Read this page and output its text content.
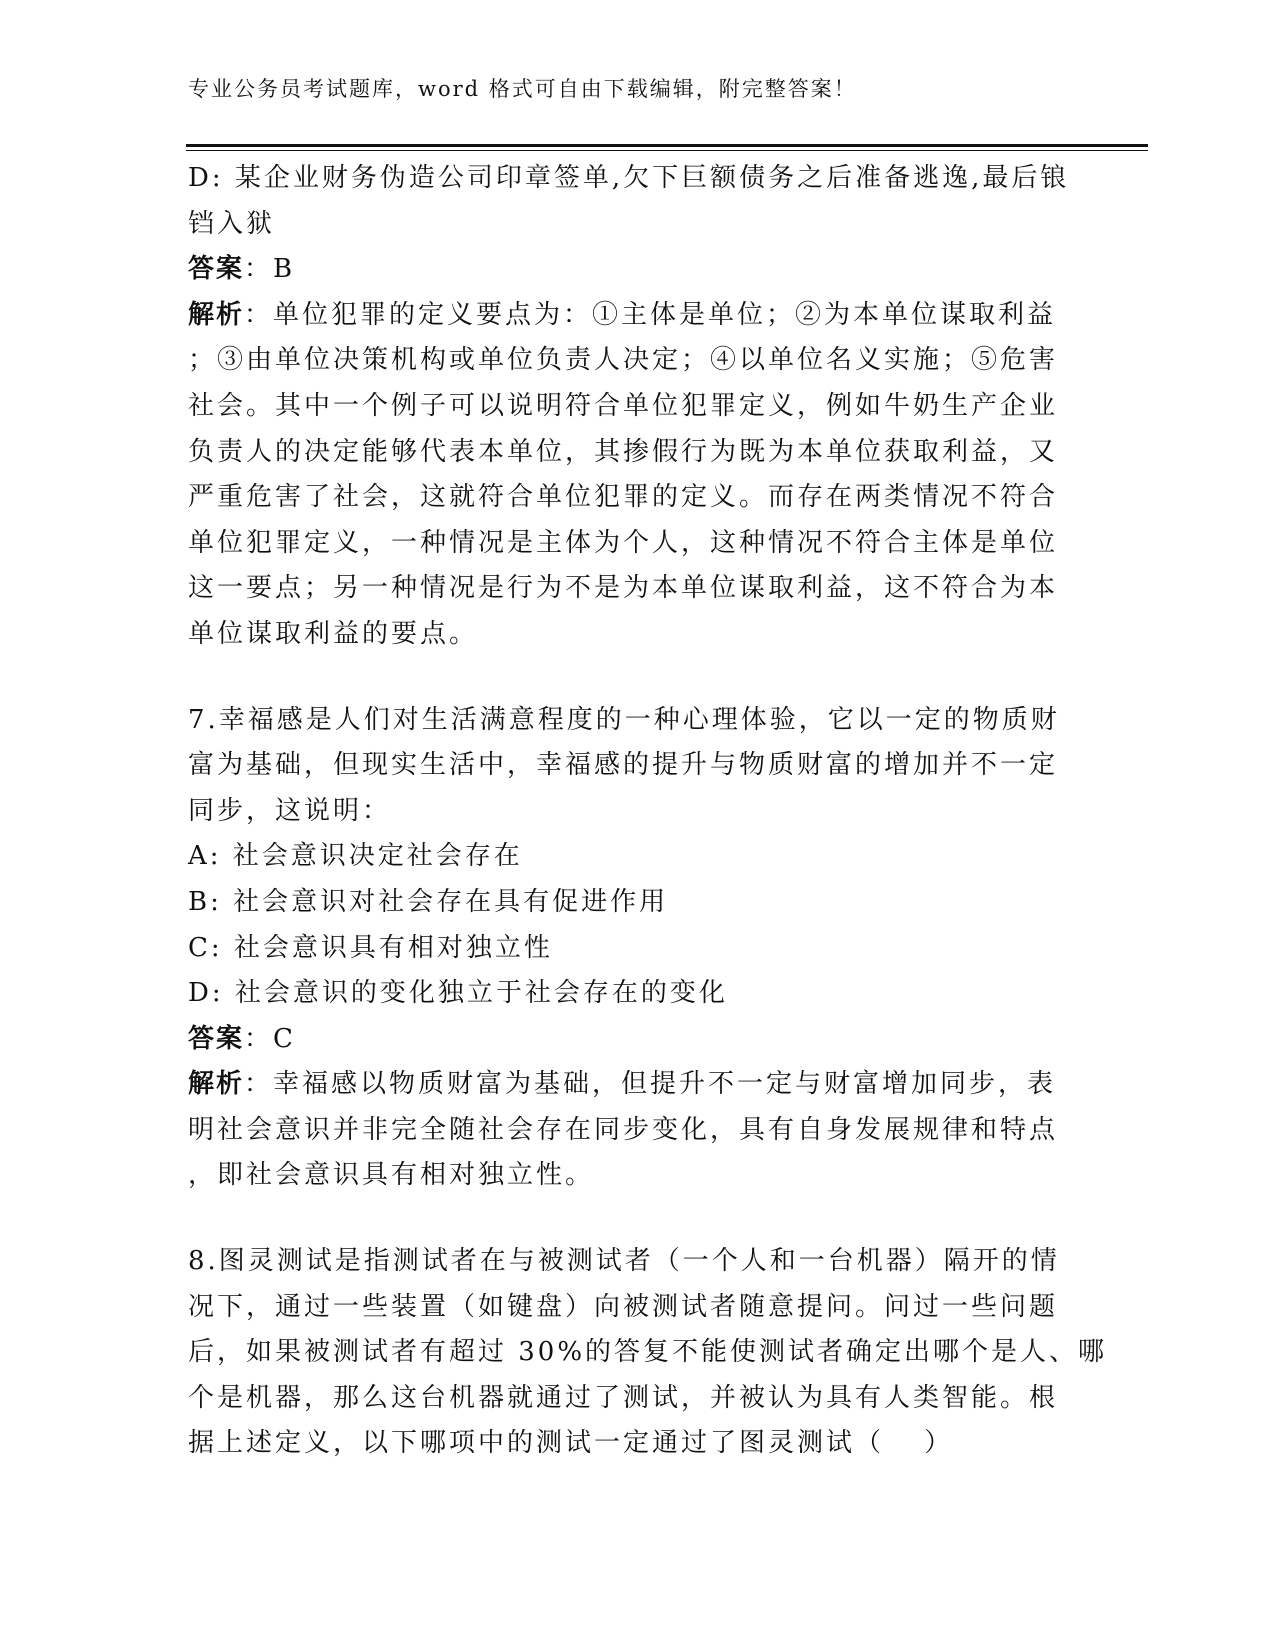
专业公务员考试题库，word 格式可自由下载编辑，附完整答案！
D: 某企业财务伪造公司印章签单,欠下巨额债务之后准备逃逸,最后锒
铛入狱
答案：B
解析：单位犯罪的定义要点为：①主体是单位；②为本单位谋取利益
；③由单位决策机构或单位负责人决定；④以单位名义实施；⑤危害
社会。其中一个例子可以说明符合单位犯罪定义，例如牛奶生产企业
负责人的决定能够代表本单位，其掺假行为既为本单位获取利益，又
严重危害了社会，这就符合单位犯罪的定义。而存在两类情况不符合
单位犯罪定义，一种情况是主体为个人，这种情况不符合主体是单位
这一要点；另一种情况是行为不是为本单位谋取利益，这不符合为本
单位谋取利益的要点。
7.幸福感是人们对生活满意程度的一种心理体验，它以一定的物质财
富为基础，但现实生活中，幸福感的提升与物质财富的增加并不一定
同步，这说明：
A: 社会意识决定社会存在
B: 社会意识对社会存在具有促进作用
C: 社会意识具有相对独立性
D: 社会意识的变化独立于社会存在的变化
答案：C
解析：幸福感以物质财富为基础，但提升不一定与财富增加同步，表
明社会意识并非完全随社会存在同步变化，具有自身发展规律和特点
，即社会意识具有相对独立性。
8.图灵测试是指测试者在与被测试者（一个人和一台机器）隔开的情
况下，通过一些装置（如键盘）向被测试者随意提问。问过一些问题
后，如果被测试者有超过 30%的答复不能使测试者确定出哪个是人、哪
个是机器，那么这台机器就通过了测试，并被认为具有人类智能。根
据上述定义，以下哪项中的测试一定通过了图灵测试（　 ）
